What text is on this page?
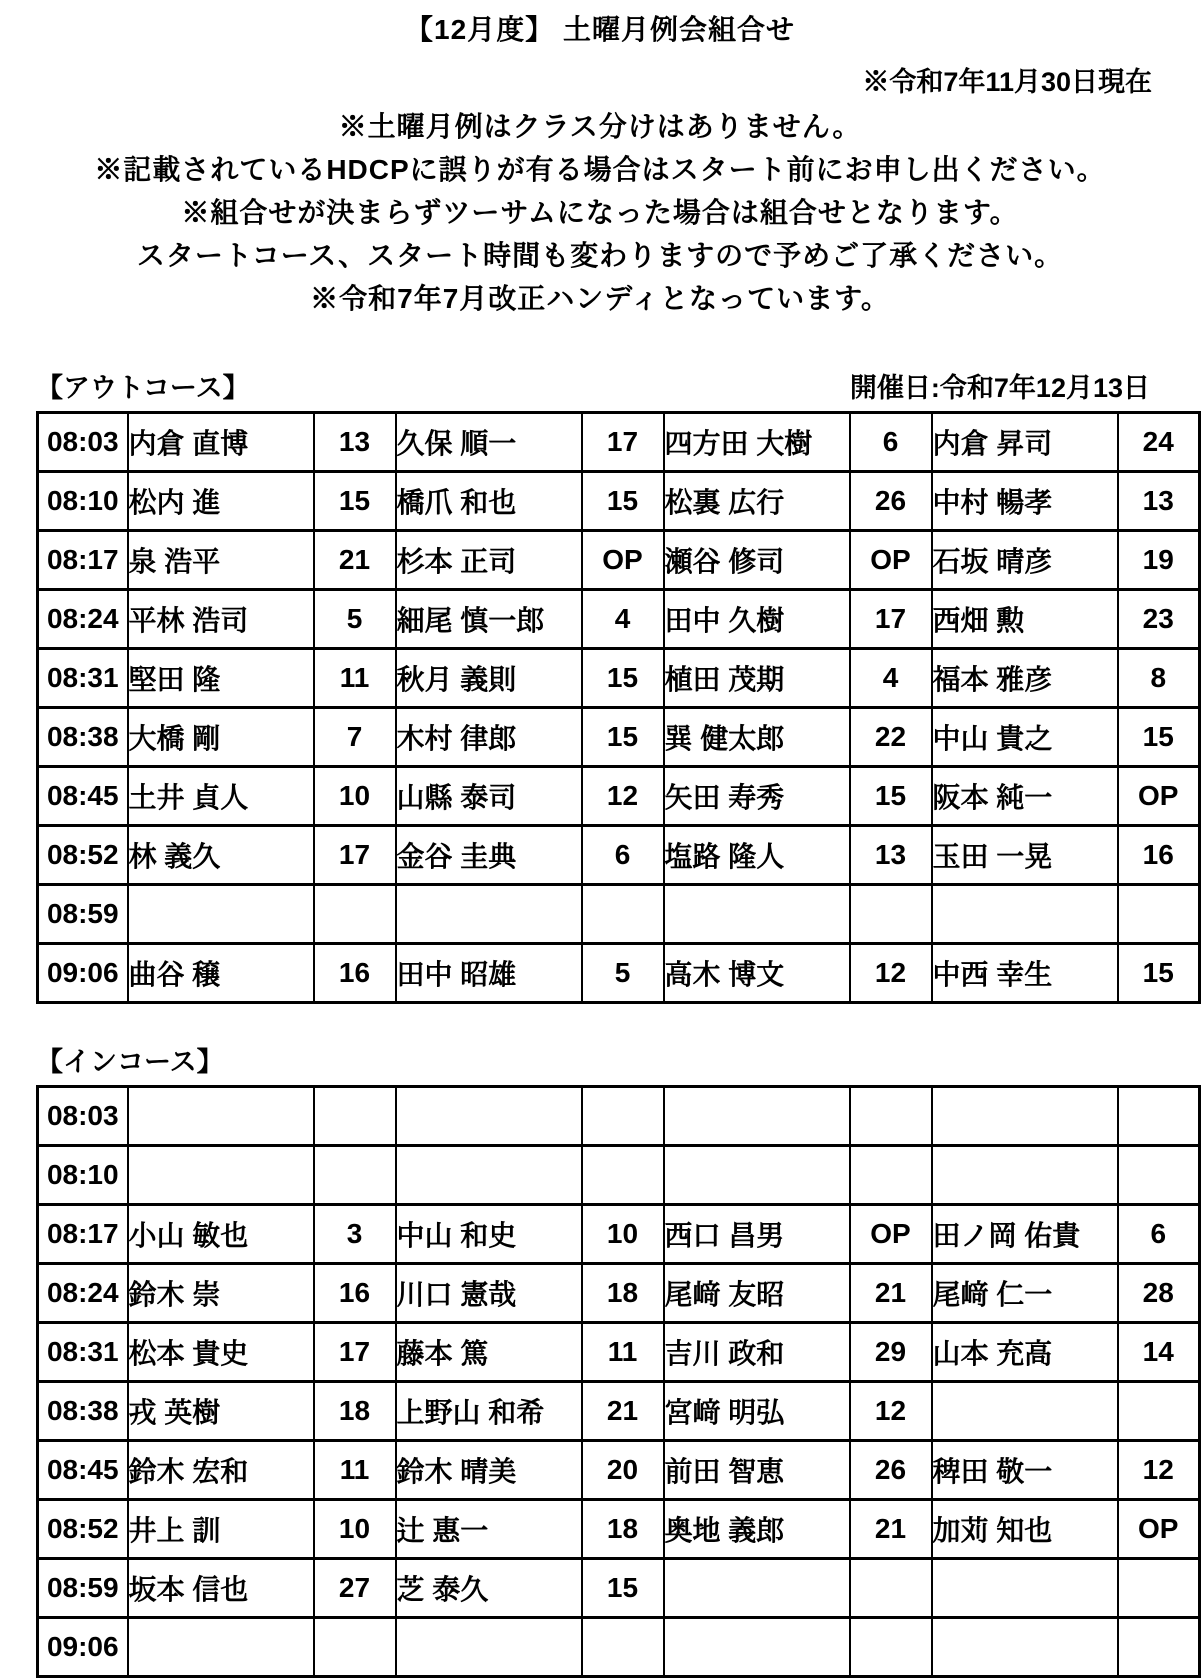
【12月度】 土曜月例会組合せ
※令和7年11月30日現在
※土曜月例はクラス分けはありません。
※記載されているHDCPに誤りが有る場合はスタート前にお申し出ください。
※組合せが決まらずツーサムになった場合は組合せとなります。
スタートコース、スタート時間も変わりますので予めご了承ください。
※令和7年7月改正ハンディとなっています。
【アウトコース】	開催日:令和7年12月13日
08:03	内倉 直博	13	久保 順一	17	四方田 大樹	6	内倉 昇司	24
08:10	松内 進	15	橋爪 和也	15	松裏 広行	26	中村 暢孝	13
08:17	泉 浩平	21	杉本 正司	OP	瀬谷 修司	OP	石坂 晴彦	19
08:24	平林 浩司	5	細尾 慎一郎	4	田中 久樹	17	西畑 勲	23
08:31	堅田 隆	11	秋月 義則	15	植田 茂期	4	福本 雅彦	8
08:38	大橋 剛	7	木村 律郎	15	巽 健太郎	22	中山 貴之	15
08:45	土井 貞人	10	山縣 泰司	12	矢田 寿秀	15	阪本 純一	OP
08:52	林 義久	17	金谷 圭典	6	塩路 隆人	13	玉田 一晃	16
08:59								
09:06	曲谷 穣	16	田中 昭雄	5	高木 博文	12	中西 幸生	15
【インコース】
08:03								
08:10								
08:17	小山 敏也	3	中山 和史	10	西口 昌男	OP	田ノ岡 佑貴	6
08:24	鈴木 崇	16	川口 憲哉	18	尾﨑 友昭	21	尾﨑 仁一	28
08:31	松本 貴史	17	藤本 篤	11	吉川 政和	29	山本 充高	14
08:38	戎 英樹	18	上野山 和希	21	宮﨑 明弘	12		
08:45	鈴木 宏和	11	鈴木 晴美	20	前田 智恵	26	稗田 敬一	12
08:52	井上 訓	10	辻 惠一	18	奥地 義郎	21	加苅 知也	OP
08:59	坂本 信也	27	芝 泰久	15				
09:06								
